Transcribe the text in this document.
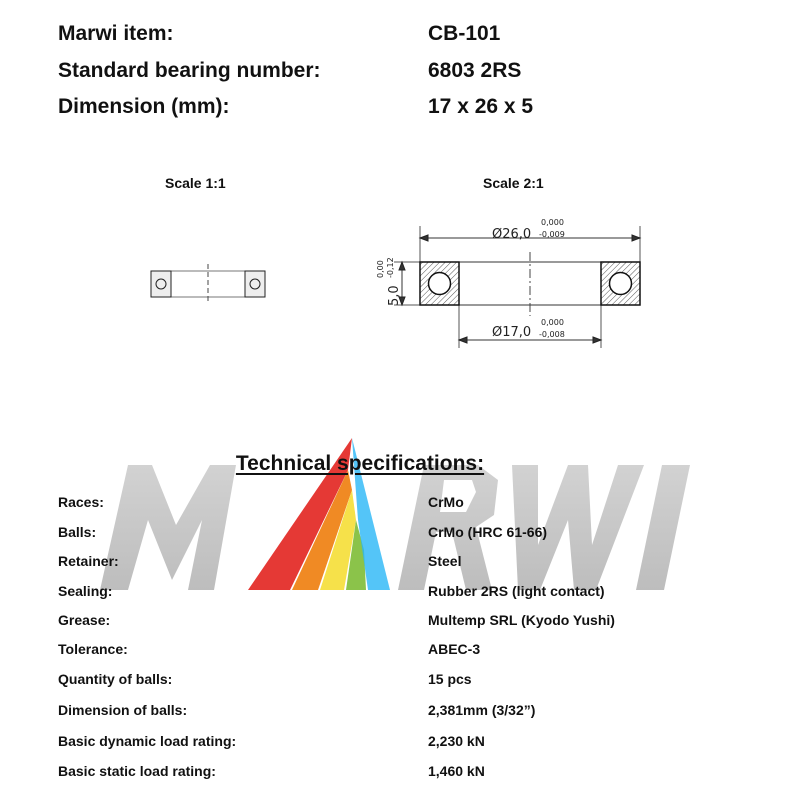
Marwi item:	CB-101
Standard bearing number:	6803 2RS
Dimension (mm):	17 x 26 x 5
Scale 1:1	Scale 2:1
Ø26,0
0,000
-0,009
Ø17,0
0,000
-0,008
5,0
0,00 -0,12
Technical specifications:
Races:	CrMo
Balls:	CrMo (HRC 61-66)
Retainer:	Steel
Sealing:	Rubber 2RS (light contact)
Grease:	Multemp SRL (Kyodo Yushi)
Tolerance:	ABEC-3
Quantity of balls:	15 pcs
Dimension of balls:	2,381mm (3/32”)
Basic dynamic load rating:	2,230 kN
Basic static load rating:	1,460 kN
